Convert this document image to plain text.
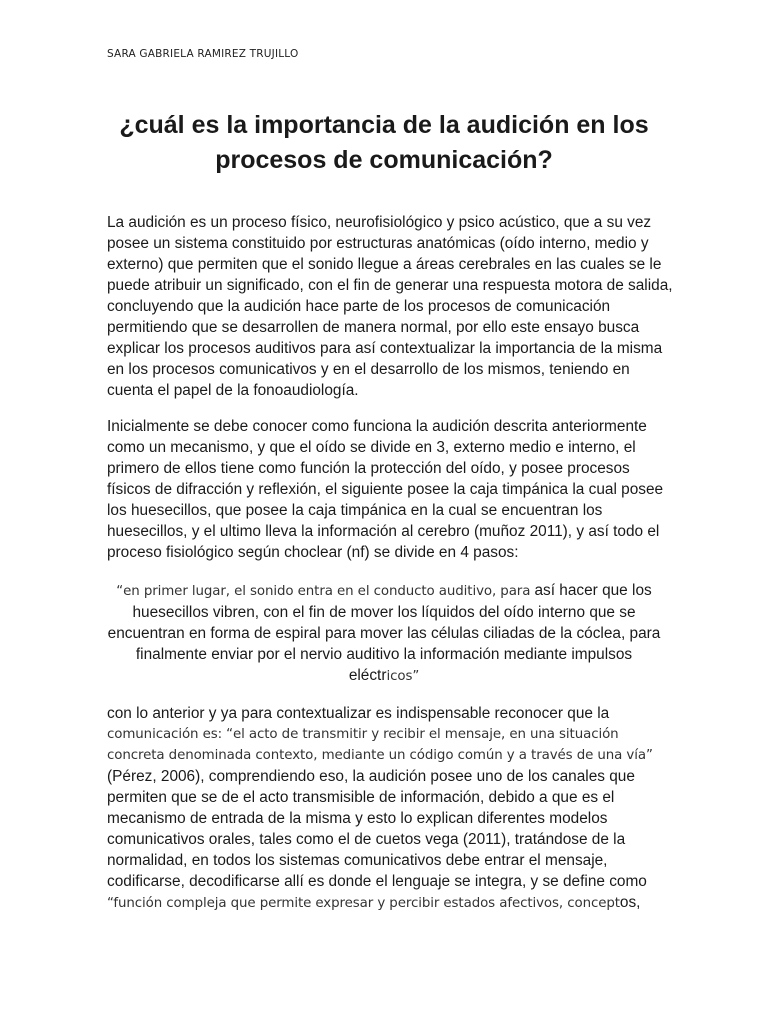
SARA GABRIELA RAMIREZ TRUJILLO
¿cuál es la importancia de la audición en los
procesos de comunicación?
La audición es un proceso físico, neurofisiológico y psico acústico, que a su vez
posee un sistema constituido por estructuras anatómicas (oído interno, medio y
externo) que permiten que el sonido llegue a áreas cerebrales en las cuales se le
puede atribuir un significado, con el fin de generar una respuesta motora de salida,
concluyendo que la audición hace parte de los procesos de comunicación
permitiendo que se desarrollen de manera normal, por ello este ensayo busca
explicar los procesos auditivos para así contextualizar la importancia de la misma
en los procesos comunicativos y en el desarrollo de los mismos, teniendo en
cuenta el papel de la fonoaudiología.
Inicialmente se debe conocer como funciona la audición descrita anteriormente
como un mecanismo, y que el oído se divide en 3, externo medio e interno, el
primero de ellos tiene como función la protección del oído, y posee procesos
físicos de difracción y reflexión, el siguiente posee la caja timpánica la cual posee
los huesecillos, que posee la caja timpánica en la cual se encuentran los
huesecillos, y el ultimo lleva la información al cerebro (muñoz 2011), y así todo el
proceso fisiológico según choclear (nf) se divide en 4 pasos:
“en primer lugar, el sonido entra en el conducto auditivo, para así hacer que los
huesecillos vibren, con el fin de mover los líquidos del oído interno que se
encuentran en forma de espiral para mover las células ciliadas de la cóclea, para
finalmente enviar por el nervio auditivo la información mediante impulsos
eléctricos”
con lo anterior y ya para contextualizar es indispensable reconocer que la
comunicación es: “el acto de transmitir y recibir el mensaje, en una situación
concreta denominada contexto, mediante un código común y a través de una vía”
(Pérez, 2006), comprendiendo eso, la audición posee uno de los canales que
permiten que se de el acto transmisible de información, debido a que es el
mecanismo de entrada de la misma y esto lo explican diferentes modelos
comunicativos orales, tales como el de cuetos vega (2011), tratándose de la
normalidad, en todos los sistemas comunicativos debe entrar el mensaje,
codificarse, decodificarse allí es donde el lenguaje se integra, y se define como
“función compleja que permite expresar y percibir estados afectivos, conceptos,
